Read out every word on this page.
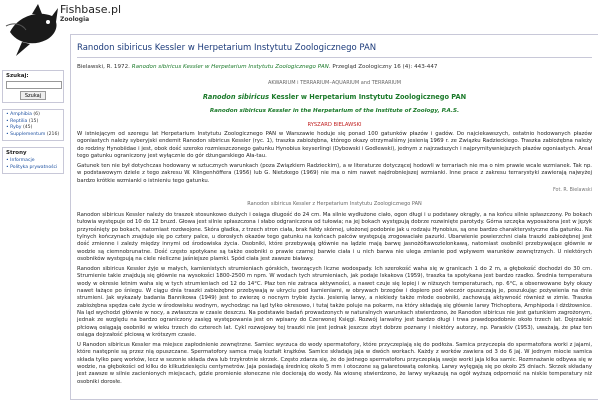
Fishbase.pl
Zoologia
Szukaj:
Szukaj
• Amphibia (6)
• Reptilia (15)
• Ryby (45)
• Supplementum (216)
Strony
• Informacje
• Polityka prywatności
Ranodon sibiricus Kessler w Herpetarium Instytutu Zoologicznego PAN
Bielawski, R. 1972. Ranodon sibiricus Kessler w Herpetarium Instytutu Zoologicznego PAN. Przegląd Zoologiczny 16 (4): 443-447
AKWARIUM i TERRARIUM–AQUARIUM and TERRARIUM
Ranodon sibiricus Kessler w Herpetarium Instytutu Zoologicznego PAN
Ranodon sibiricus Kessler in the Herpetarium of the Institute of Zoology, P.A.S.
RYSZARD BIELAWSKI

W istniejącym od szeregu lat Herpetarium Instytutu Zoologicznego PAN w Warszawie hoduje się ponad 100 gatunków płazów i gadów. Do najciekawszych, ostatnio hodowanych płazów ogoniastych należy syberyjski endemit Ranodon sibiricus Kessler (ryc. 1), traszka zabiożębna, którego okazy otrzymaliśmy jesienią 1969 r. ze Związku Radzieckiego. Traszka zabiożębna należy do rodziny Hynobiidae i jest, obok dość szeroko rozmieszczonego gatunku Hynobius keyserlingi (Dybowski i Godlewski), jednym z najrzadszych i najprymitywniejszych płazów ogoniastych. Areał tego gatunku ograniczony jest wyłącznie do gór dżungarskiego Ała-tau.

Gatunek ten nie był dotychczas hodowany w sztucznych warunkach (poza Związkiem Radzieckim), a w literaturze dotyczącej hodowli w terrariach nie ma o nim prawie wcale wzmianek. Tak np. w podstawowym dziele z tego zakresu W. Klingenhöffera (1956) lub G. Nietzkego (1969) nie ma o nim nawet najdrobniejszej wzmianki. Inne prace z zakresu terrarystyki zawierają najwyżej bardzo krótkie wzmianki o istnieniu tego gatunku.

Fot. R. Bielawski

Ranodon sibiricus Kessler z Herpetarium Instytutu Zoologicznego PAN

Ranodon sibiricus Kessler należy do traszek stosunkowo dużych i osiąga długość do 24 cm. Ma silnie wydłużone ciało, ogon długi i u podstawy okrągły, a na końcu silnie spłaszczony. Po bokach tułowia występuje od 10 do 12 bruzd. Głowa jest silnie spłaszczona i słabo odgraniczona od tułowia; na jej bokach występują dobrze rozwinięte parotydy. Górna szczęka wyposażona jest w język przyrośnięty po bokach, natomiast rozdwojone. Skóra gładka, z trzech stron ciała, brak fałdy skórnej, ułożonej podobnie jak u rodzaju Hynobius, są one bardzo charakterystyczne dla gatunku. Na tylnych kończynach znajduje się po cztery palce, u dorosłych okazów tego gatunku na końcach palców występują zrogowaciałe pazurki. Ubarwienie powierzchni ciała traszki zabiożębnej jest dość zmienne i zależy między innymi od środowiska życia. Osobniki, które przebywają głównie na lądzie mają barwę jasnożółtawozielonkawą, natomiast osobniki przebywające głównie w wodzie są ciemnobrunatne. Dość często spotykane są także osobniki o prawie czarnej barwie ciała i u nich barwa nie ulega zmianie pod wpływem warunków zewnętrznych. U niektórych osobników występują na ciele nieliczne jaśniejsze plamki. Spód ciała jest zawsze białawy.

Ranodon sibiricus Kessler żyje w małych, kamienistych strumieniach górskich, tworzących liczne wodospady. Ich szerokość waha się w granicach 1 do 2 m, a głębokość dochodzi do 30 cm. Strumienie takie znajdują się głównie na wysokości 1800-2500 m npm. W wodach tych strumieniach, jak podaje Iskakova (1959), traszka ta spotykana jest bardzo rzadko. Średnia temperatura wody w okresie letnim waha się w tych strumieniach od 12 do 14°C. Płaz ten nie zatraca aktywności, a nawet czuje się lepiej i w niższych temperaturach, np. 6°C, a obserwowane były okazy nawet łażące po śniegu. W ciągu dnia traszki zabiożębne przebywają w ukryciu pod kamieniami, w obrywach brzegów i dopiero pod wieczór opuszczają je, poszukując pożywienia na dnie strumieni. Jak wykazały badania Bannikowa (1949) jest to zwierzę o nocnym trybie życia. Jesienią larwy, a niekiedy także młode osobniki, zachowują aktywność również w zimie. Traszka zabiożębna spędza całe życie w środowisku wodnym, wychodząc na ląd tylko okresowo, i tutaj także poluje na pokarm, na który składają się głównie larwy Trichoptera, Amphipoda i dżdżownice. Na ląd wychodzi głównie w nocy, a zwłaszcza w czasie deszczu. Na podstawie badań prowadzonych w naturalnych warunkach stwierdzono, że Ranodon sibiricus nie jest gatunkiem zagrożonym, jednak ze względu na bardzo ograniczony zasięg występowania jest on wpisany do Czerwonej Księgi. Rozwój larwalny jest bardzo długi i trwa prawdopodobnie około trzech lat. Dojrzałość płciową osiągają osobniki w wieku trzech do czterech lat. Cykl rozwojowy tej traszki nie jest jednak jeszcze zbyt dobrze poznany i niektóry autorzy, np. Paraskiv (1953), uważają, że płaz ten osiąga dojrzałość płciową w krótszym czasie.

U Ranodon sibiricus Kessler ma miejsce zapłodnienie zewnętrzne. Samiec wyrzuca do wody spermatofory, które przyczepiają się do podłoża. Samica przyczepia do spermatofora worki z jajami, które następnie są przez nią opuszczane. Spermatofory samca mają kształt krążków. Samice składają jaja w dwóch workach. Każdy z worków zawiera od 3 do 6 jaj. W jednym miocie samica składa tylko parę worków, lecz w sezonie składa dwa lub trzykrotnie skrzek. Często zdarza się, że do jednego spermatoforu przyczepiają swoje worki jaja kilka samic. Rozmnażanie odbywa się w wodzie, na głębokości od kilku do kilkudziesięciu centymetrów. Jaja posiadają średnicę około 5 mm i otoczone są galaretowatą osłonką. Larwy wylęgają się po około 25 dniach. Skrzek składany jest zawsze w silnie zacienionych miejscach, gdzie promienie słoneczne nie docierają do wody. Na wiosnę stwierdzono, że larwy wykazują na ogół wyższą odporność na niskie temperatury niż osobniki dorosłe.
